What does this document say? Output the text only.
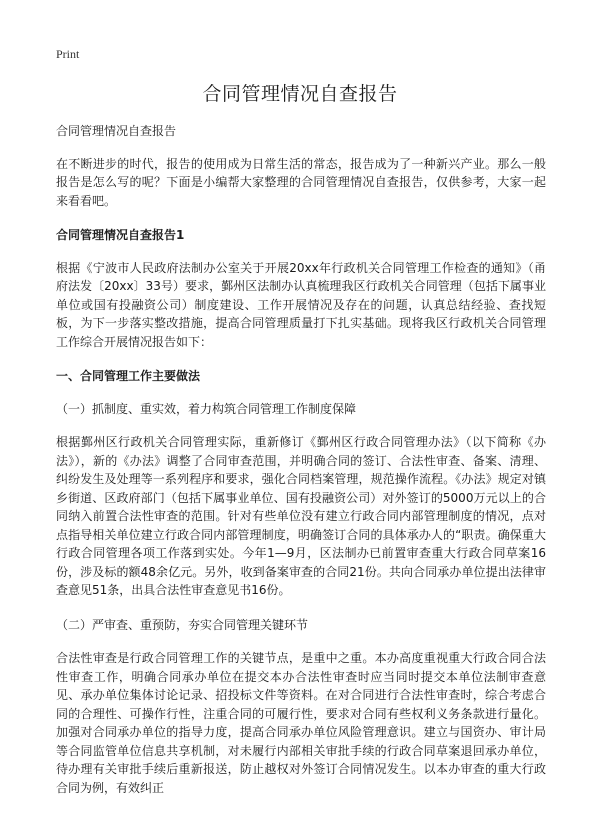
Print
合同管理情况自查报告

合同管理情况自查报告

在不断进步的时代，报告的使用成为日常生活的常态，报告成为了一种新兴产业。那么一般报告是怎么写的呢？下面是小编帮大家整理的合同管理情况自查报告，仅供参考，大家一起来看看吧。

合同管理情况自查报告1

根据《宁波市人民政府法制办公室关于开展20xx年行政机关合同管理工作检查的通知》（甬府法发〔20xx〕33号）要求，鄞州区法制办认真梳理我区行政机关合同管理（包括下属事业单位或国有投融资公司）制度建设、工作开展情况及存在的问题，认真总结经验、查找短板，为下一步落实整改措施，提高合同管理质量打下扎实基础。现将我区行政机关合同管理工作综合开展情况报告如下：

一、合同管理工作主要做法

（一）抓制度、重实效，着力构筑合同管理工作制度保障

根据鄞州区行政机关合同管理实际，重新修订《鄞州区行政合同管理办法》（以下简称《办法》），新的《办法》调整了合同审查范围，并明确合同的签订、合法性审查、备案、清理、纠纷发生及处理等一系列程序和要求，强化合同档案管理，规范操作流程。《办法》规定对镇乡街道、区政府部门（包括下属事业单位、国有投融资公司）对外签订的5000万元以上的合同纳入前置合法性审查的范围。针对有些单位没有建立行政合同内部管理制度的情况，点对点指导相关单位建立行政合同内部管理制度，明确签订合同的具体承办人的“职责。确保重大行政合同管理各项工作落到实处。今年1—9月，区法制办已前置审查重大行政合同草案16份，涉及标的额48余亿元。另外，收到备案审查的合同21份。共向合同承办单位提出法律审查意见51条，出具合法性审查意见书16份。

（二）严审查、重预防，夯实合同管理关键环节

合法性审查是行政合同管理工作的关键节点，是重中之重。本办高度重视重大行政合同合法性审查工作，明确合同承办单位在提交本办合法性审查时应当同时提交本单位法制审查意见、承办单位集体讨论记录、招投标文件等资料。在对合同进行合法性审查时，综合考虑合同的合理性、可操作行性，注重合同的可履行性，要求对合同有些权利义务条款进行量化。加强对合同承办单位的指导力度，提高合同承办单位风险管理意识。建立与国资办、审计局等合同监管单位信息共享机制，对未履行内部相关审批手续的行政合同草案退回承办单位，待办理有关审批手续后重新报送，防止越权对外签订合同情况发生。以本办审查的重大行政合同为例，有效纠正
